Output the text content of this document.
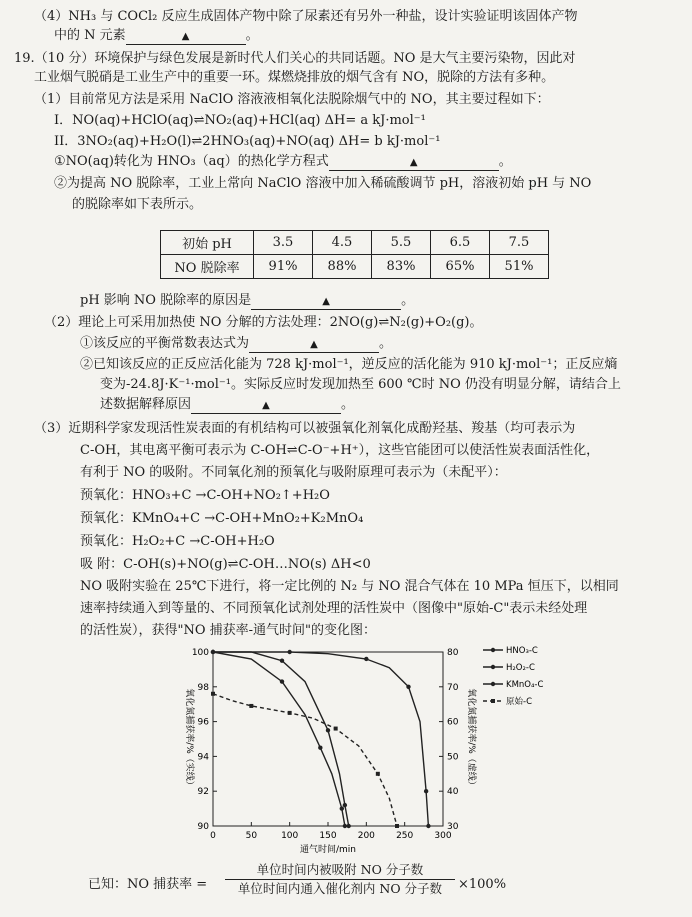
（4）NH₃ 与 COCl₂ 反应生成固体产物中除了尿素还有另外一种盐，设计实验证明该固体产物
中的 N 元素	▲	。
19.（10 分）环境保护与绿色发展是新时代人们关心的共同话题。NO 是大气主要污染物，因此对
工业烟气脱硝是工业生产中的重要一环。煤燃烧排放的烟气含有 NO，脱除的方法有多种。
（1）目前常见方法是采用 NaClO 溶液液相氧化法脱除烟气中的 NO，其主要过程如下：
I．NO(aq)+HClO(aq)⇌NO₂(aq)+HCl(aq) ΔH= a kJ·mol⁻¹
II．3NO₂(aq)+H₂O(l)⇌2HNO₃(aq)+NO(aq) ΔH= b kJ·mol⁻¹
①NO(aq)转化为 HNO₃（aq）的热化学方程式	▲	。
②为提高 NO 脱除率，工业上常向 NaClO 溶液中加入稀硫酸调节 pH，溶液初始 pH 与 NO
的脱除率如下表所示。
初始 pH	3.5	4.5	5.5	6.5	7.5
NO 脱除率	91%	88%	83%	65%	51%
pH 影响 NO 脱除率的原因是	▲	。
（2）理论上可采用加热使 NO 分解的方法处理：2NO(g)⇌N₂(g)+O₂(g)。
①该反应的平衡常数表达式为	▲	。
②已知该反应的正反应活化能为 728 kJ·mol⁻¹，逆反应的活化能为 910 kJ·mol⁻¹；正反应熵
变为-24.8J·K⁻¹·mol⁻¹。实际反应时发现加热至 600 ℃时 NO 仍没有明显分解，请结合上
述数据解释原因	▲	。
（3）近期科学家发现活性炭表面的有机结构可以被强氧化剂氧化成酚羟基、羧基（均可表示为
C-OH，其电离平衡可表示为 C-OH⇌C-O⁻+H⁺），这些官能团可以使活性炭表面活性化，
有利于 NO 的吸附。不同氧化剂的预氧化与吸附原理可表示为（未配平）：
预氧化：HNO₃+C →C-OH+NO₂↑+H₂O
预氧化：KMnO₄+C →C-OH+MnO₂+K₂MnO₄
预氧化：H₂O₂+C →C-OH+H₂O
吸 附：C-OH(s)+NO(g)⇌C-OH…NO(s) ΔH<0
NO 吸附实验在 25℃下进行，将一定比例的 N₂ 与 NO 混合气体在 10 MPa 恒压下，以相同
速率持续通入到等量的、不同预氧化试剂处理的活性炭中（图像中"原始-C"表示未经处理
的活性炭），获得"NO 捕获率-通气时间"的变化图：
0	50	100 150 200 250 300
90
92
94
96
98
100
30
40
50
60
70
80
通气时间/min
氧化氮捕获率/%（实线）	氧化氮捕获率/%（虚线）
HNO₃-C
H₂O₂-C
KMnO₄-C
原始-C
已知：NO 捕获率 =
单位时间内被吸附 NO 分子数
单位时间内通入催化剂内 NO 分子数	×100%
